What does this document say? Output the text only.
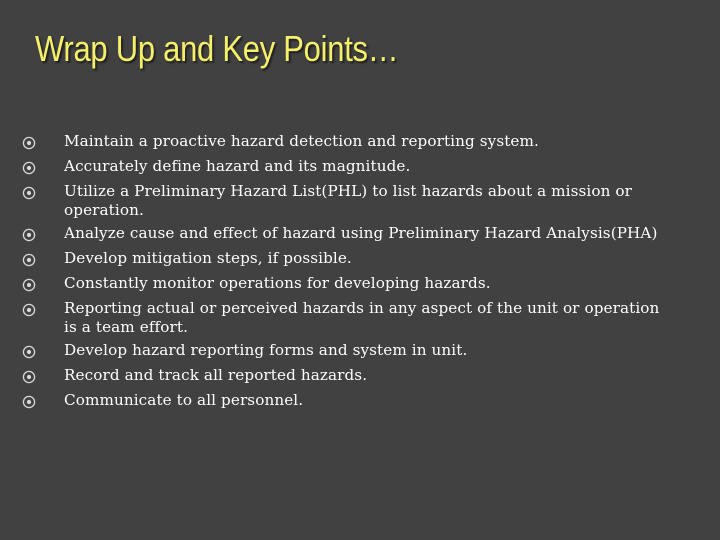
Wrap Up and Key Points…
Maintain a proactive hazard detection and reporting system.
Accurately define hazard and its magnitude.
Utilize a Preliminary Hazard List(PHL) to list hazards about a mission or operation.
Analyze cause and effect of hazard using Preliminary Hazard Analysis(PHA)
Develop mitigation steps, if possible.
Constantly monitor operations for developing hazards.
Reporting actual or perceived hazards in any aspect of the unit or operation is a team effort.
Develop hazard reporting forms and system in unit.
Record and track all reported hazards.
Communicate to all personnel.
